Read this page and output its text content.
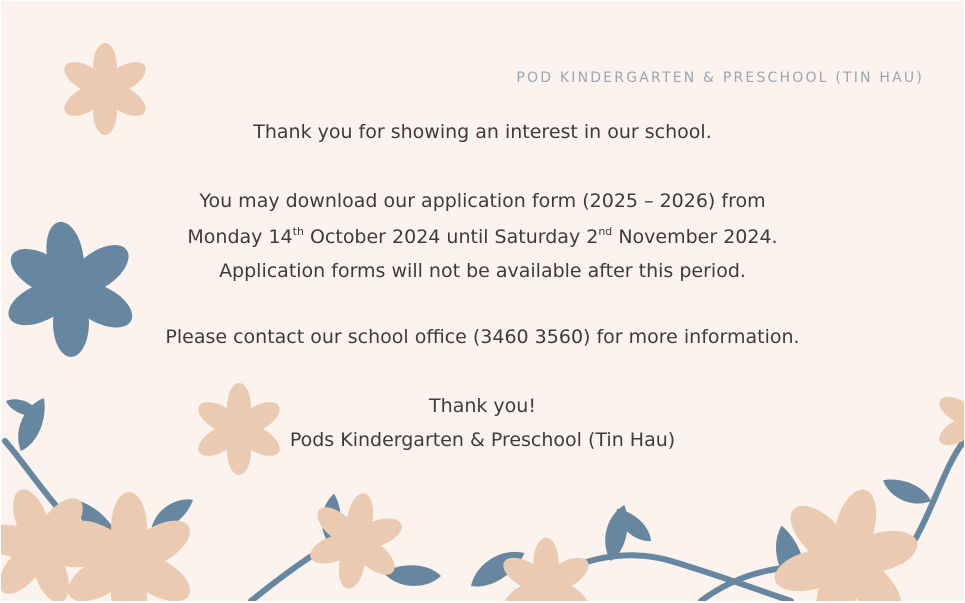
POD KINDERGARTEN & PRESCHOOL (TIN HAU)
Thank you for showing an interest in our school.
You may download our application form (2025 – 2026) from
Monday 14th October 2024 until Saturday 2nd November 2024.
Application forms will not be available after this period.
Please contact our school office (3460 3560) for more information.
Thank you!
Pods Kindergarten & Preschool (Tin Hau)
